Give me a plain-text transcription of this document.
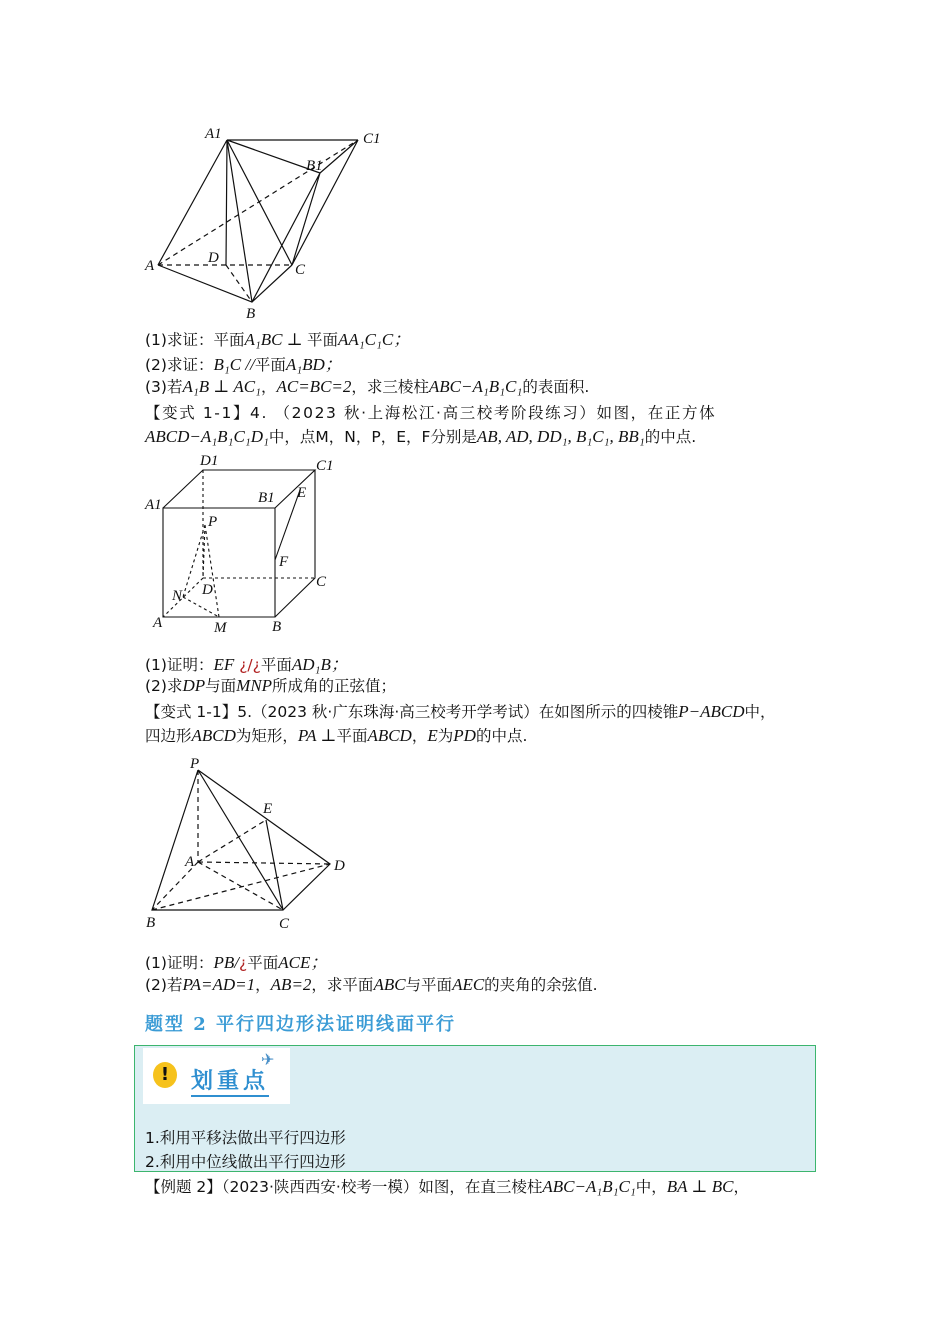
A1	C1
B1
A	D
C
B
D1	C1
A1	B1 E
P
F
D	C
N
A	M	B
P
E
A	D
B	C
(1)求证：平面A₁BC ⊥ 平面AA₁C₁C；
(2)求证：B₁C //平面A₁BD；
(3)若A₁B ⊥ AC₁，AC=BC=2，求三棱柱ABC−A₁B₁C₁的表面积.
【变式 1-1】4. （2023 秋·上海松江·高三校考阶段练习）如图，在正方体
ABCD−A₁B₁C₁D₁中，点M，N，P，E，F分别是AB, AD, DD₁, B₁C₁, BB₁的中点.
(1)证明：EF ¿/¿平面AD₁B；
(2)求DP与面MNP所成角的正弦值；
【变式 1-1】5.（2023 秋·广东珠海·高三校考开学考试）在如图所示的四棱锥P−ABCD中，
四边形ABCD为矩形，PA ⊥平面ABCD，E为PD的中点.
(1)证明：PB/¿平面ACE；
(2)若PA=AD=1，AB=2，求平面ABC与平面AEC的夹角的余弦值.
题型 2 平行四边形法证明线面平行
!
✈
划重点
1.利用平移法做出平行四边形
2.利用中位线做出平行四边形
【例题 2】（2023·陕西西安·校考一模）如图，在直三棱柱ABC−A₁B₁C₁中，BA ⊥ BC，
